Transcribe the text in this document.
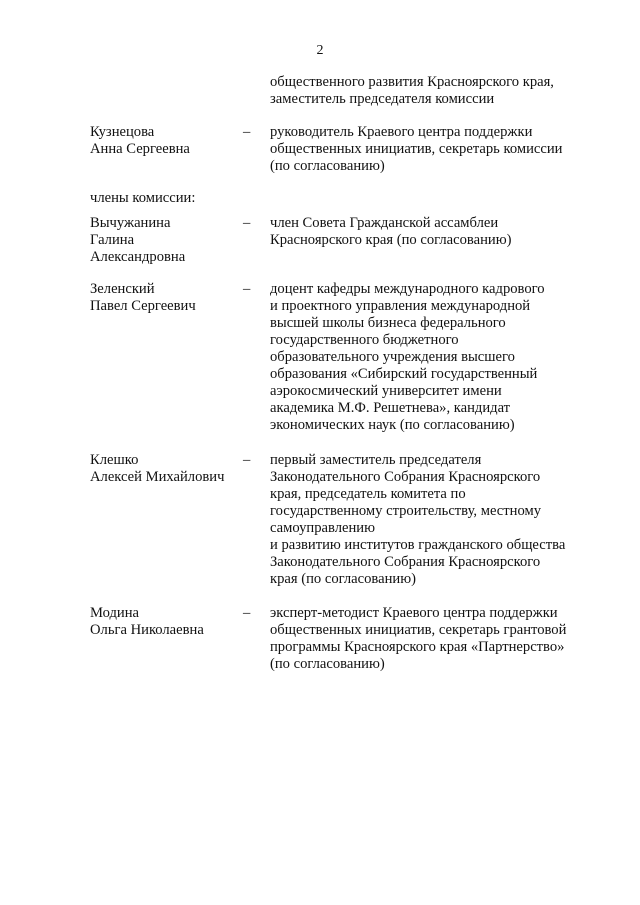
2
общественного развития Красноярского края,
заместитель председателя комиссии
Кузнецова
Анна Сергеевна
–	руководитель Краевого центра поддержки
общественных инициатив, секретарь комиссии
(по согласованию)
члены комиссии:
Вычужанина
Галина
Александровна
–	член Совета Гражданской ассамблеи
Красноярского края (по согласованию)
Зеленский
Павел Сергеевич
–	доцент кафедры международного кадрового
и проектного управления международной
высшей школы бизнеса федерального
государственного бюджетного
образовательного учреждения высшего
образования «Сибирский государственный
аэрокосмический университет имени
академика М.Ф. Решетнева», кандидат
экономических наук (по согласованию)
Клешко
Алексей Михайлович
–	первый заместитель председателя
Законодательного Собрания Красноярского
края, председатель комитета по
государственному строительству, местному
самоуправлению
и развитию институтов гражданского общества
Законодательного Собрания Красноярского
края (по согласованию)
Модина
Ольга Николаевна
–	эксперт-методист Краевого центра поддержки
общественных инициатив, секретарь грантовой
программы Красноярского края «Партнерство»
(по согласованию)
